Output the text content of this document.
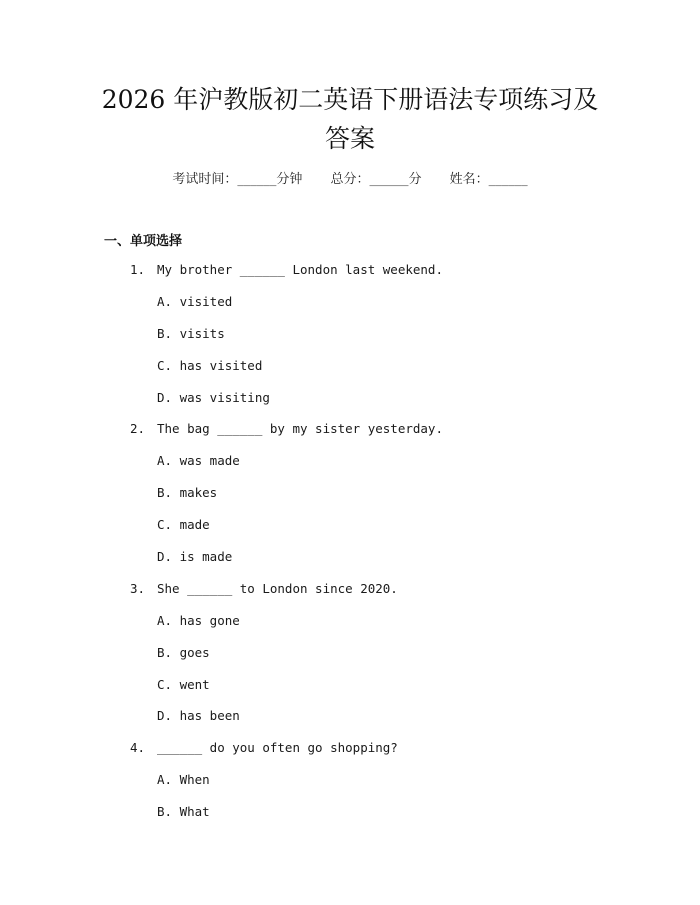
2026 年沪教版初二英语下册语法专项练习及
答案
考试时间：______分钟 总分：______分 姓名：______
一、单项选择
1. My brother ______ London last weekend.
A. visited
B. visits
C. has visited
D. was visiting
2. The bag ______ by my sister yesterday.
A. was made
B. makes
C. made
D. is made
3. She ______ to London since 2020.
A. has gone
B. goes
C. went
D. has been
4. ______ do you often go shopping?
A. When
B. What
